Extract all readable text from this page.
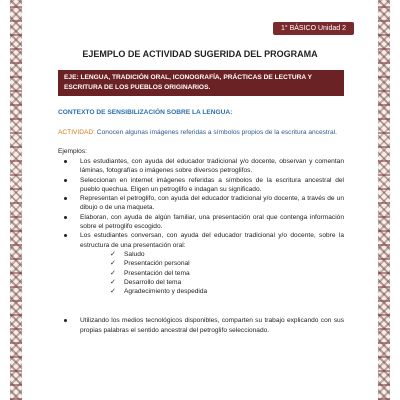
1° BÁSICO Unidad 2
EJEMPLO DE ACTIVIDAD SUGERIDA DEL PROGRAMA
EJE: LENGUA, TRADICIÓN ORAL, ICONOGRAFÍA, PRÁCTICAS DE LECTURA Y ESCRITURA DE LOS PUEBLOS ORIGINARIOS.
CONTEXTO DE SENSIBILIZACIÓN SOBRE LA LENGUA:
ACTIVIDAD: Conocen algunas imágenes referidas a símbolos propios de la escritura ancestral.
Ejemplos:
Los estudiantes, con ayuda del educador tradicional y/o docente, observan y comentan láminas, fotografías o imágenes sobre diversos petroglifos.
Seleccionan en internet imágenes referidas a símbolos de la escritura ancestral del pueblo quechua. Eligen un petroglifo e indagan su significado.
Representan el petroglifo, con ayuda del educador tradicional y/o docente, a través de un dibujo o de una maqueta.
Elaboran, con ayuda de algún familiar, una presentación oral que contenga información sobre el petroglifo escogido.
Los estudiantes conversan, con ayuda del educador tradicional y/o docente, sobre la estructura de una presentación oral:
✓ Saludo
✓ Presentación personal
✓ Presentación del tema
✓ Desarrollo del tema
✓ Agradecimiento y despedida
Utilizando los medios tecnológicos disponibles, comparten su trabajo explicando con sus propias palabras el sentido ancestral del petroglifo seleccionado.
